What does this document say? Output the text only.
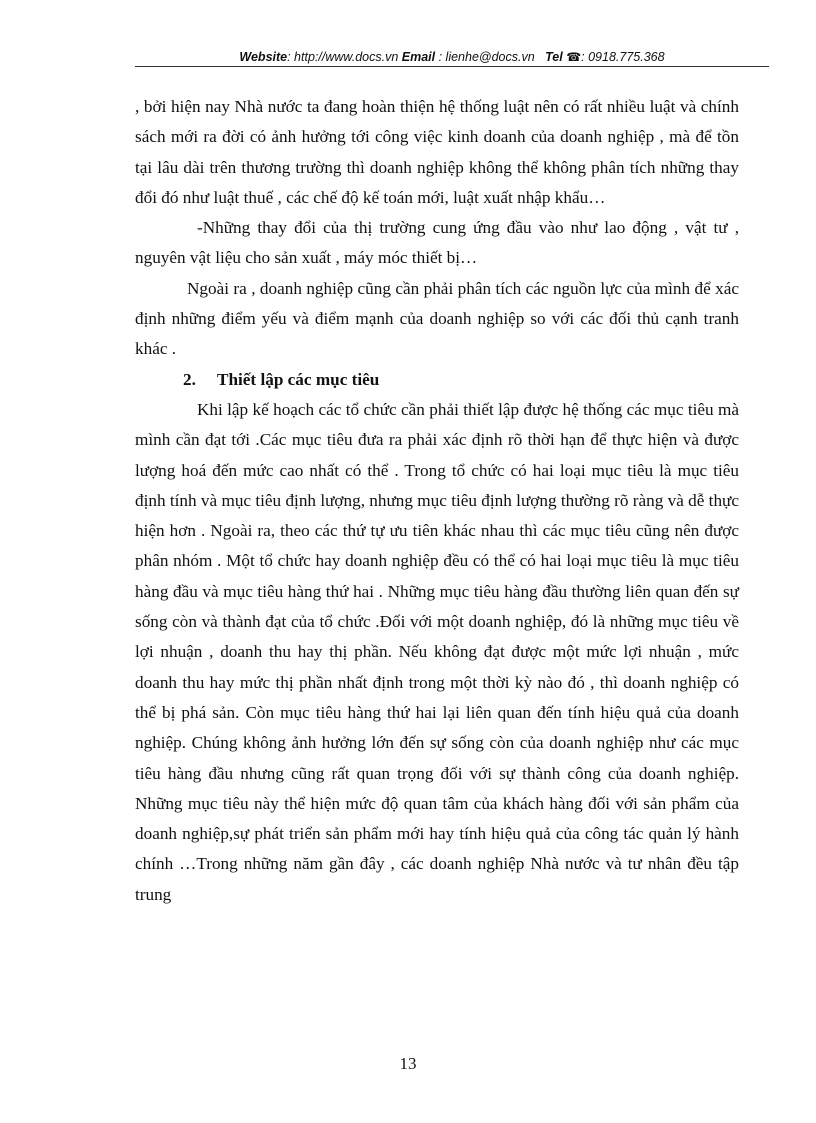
Website: http://www.docs.vn Email : lienhe@docs.vn Tel ☎: 0918.775.368

, bởi hiện nay Nhà nước ta đang hoàn thiện hệ thống luật nên có rất nhiều luật và chính sách mới ra đời có ảnh hưởng tới công việc kinh doanh của doanh nghiệp , mà để tồn tại lâu dài trên thương trường thì doanh nghiệp không thể không phân tích những thay đổi đó như luật thuế , các chế độ kế toán mới, luật xuất nhập khẩu…

-Những thay đổi của thị trường cung ứng đầu vào như lao động , vật tư , nguyên vật liệu cho sản xuất , máy móc thiết bị…

Ngoài ra , doanh nghiệp cũng cần phải phân tích các nguồn lực của mình để xác định những điểm yếu và điểm mạnh của doanh nghiệp so với các đối thủ cạnh tranh khác .

2. Thiết lập các mục tiêu

Khi lập kế hoạch các tổ chức cần phải thiết lập được hệ thống các mục tiêu mà mình cần đạt tới .Các mục tiêu đưa ra phải xác định rõ thời hạn để thực hiện và được lượng hoá đến mức cao nhất có thể . Trong tổ chức có hai loại mục tiêu là mục tiêu định tính và mục tiêu định lượng, nhưng mục tiêu định lượng thường rõ ràng và dễ thực hiện hơn . Ngoài ra, theo các thứ tự ưu tiên khác nhau thì các mục tiêu cũng nên được phân nhóm . Một tổ chức hay doanh nghiệp đều có thể có hai loại mục tiêu là mục tiêu hàng đầu và mục tiêu hàng thứ hai . Những mục tiêu hàng đầu thường liên quan đến sự sống còn và thành đạt của tổ chức .Đối với một doanh nghiệp, đó là những mục tiêu về lợi nhuận , doanh thu hay thị phần. Nếu không đạt được một mức lợi nhuận , mức doanh thu hay mức thị phần nhất định trong một thời kỳ nào đó , thì doanh nghiệp có thể bị phá sản. Còn mục tiêu hàng thứ hai lại liên quan đến tính hiệu quả của doanh nghiệp. Chúng không ảnh hưởng lớn đến sự sống còn của doanh nghiệp như các mục tiêu hàng đầu nhưng cũng rất quan trọng đối với sự thành công của doanh nghiệp. Những mục tiêu này thể hiện mức độ quan tâm của khách hàng đối với sản phẩm của doanh nghiệp,sự phát triển sản phẩm mới hay tính hiệu quả của công tác quản lý hành chính …Trong những năm gần đây , các doanh nghiệp Nhà nước và tư nhân đều tập trung

13
